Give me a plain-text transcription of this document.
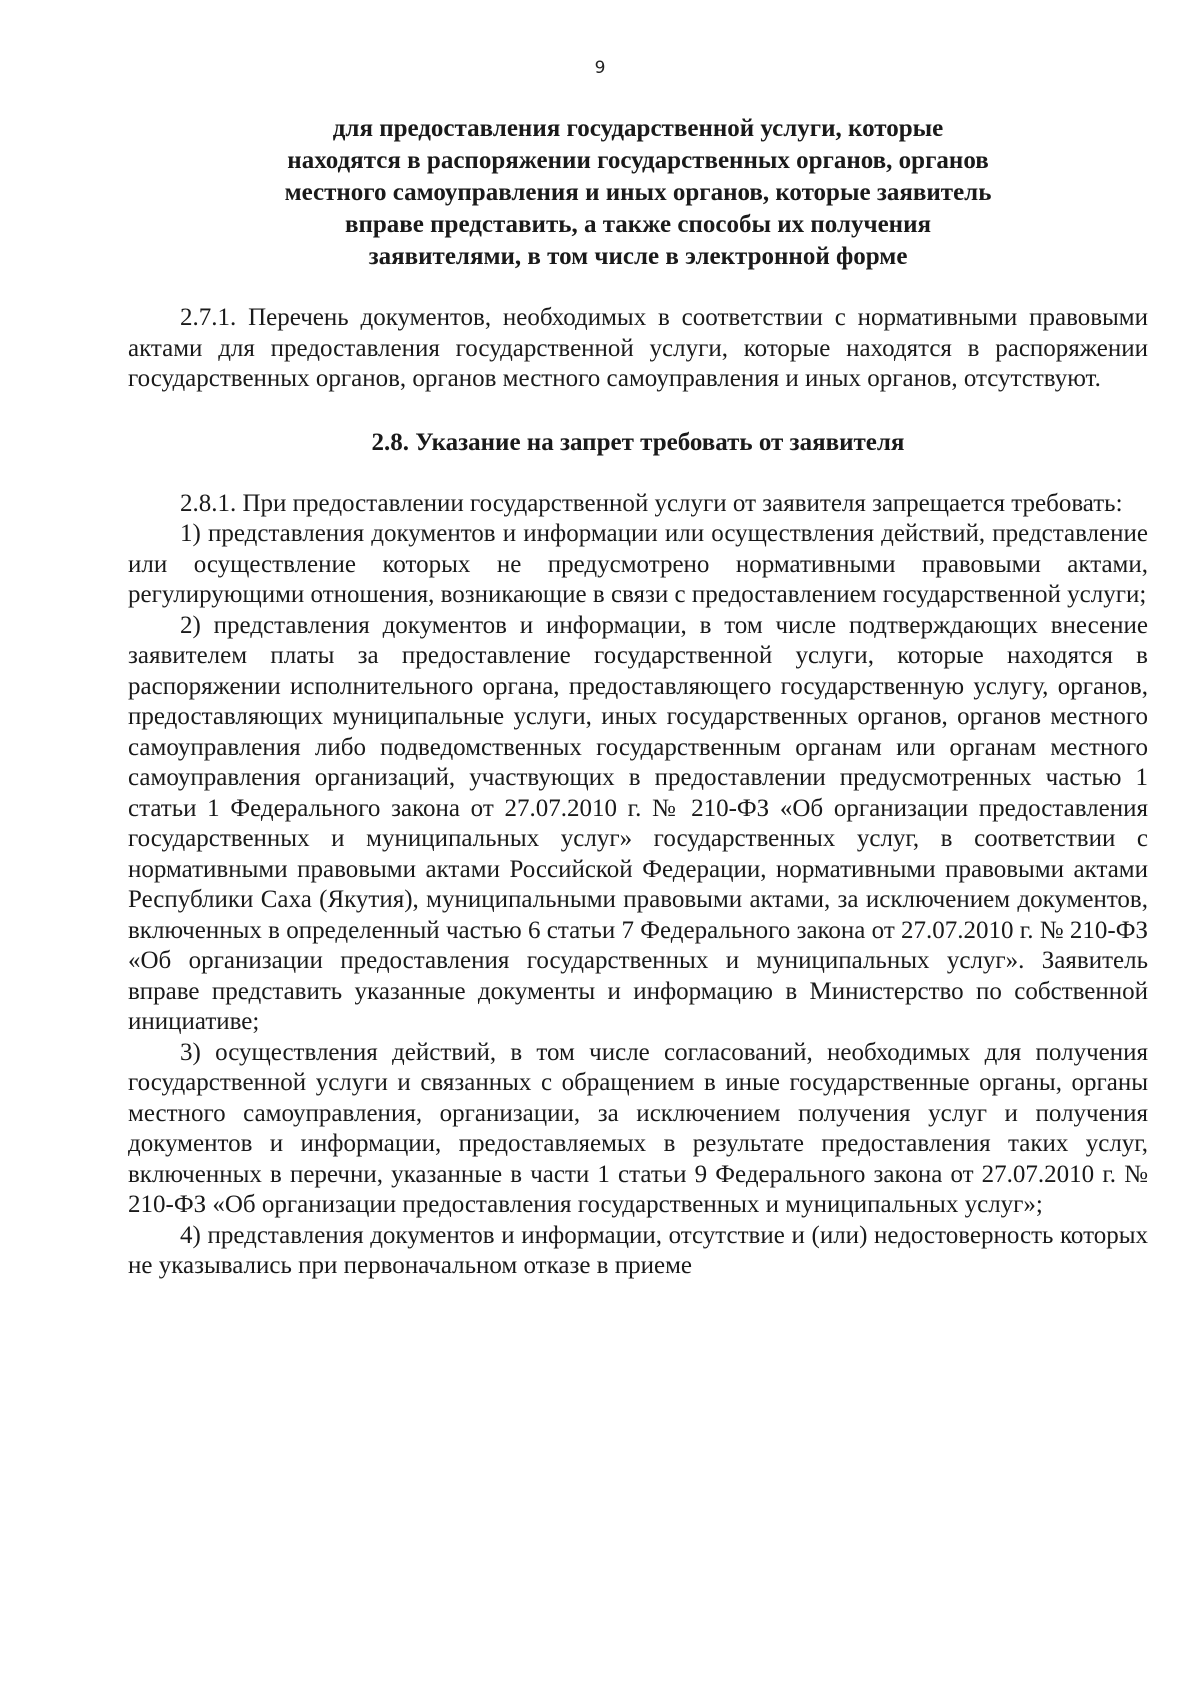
9
для предоставления государственной услуги, которые
находятся в распоряжении государственных органов, органов
местного самоуправления и иных органов, которые заявитель
вправе представить, а также способы их получения
заявителями, в том числе в электронной форме

2.7.1. Перечень документов, необходимых в соответствии с нормативными правовыми актами для предоставления государственной услуги, которые находятся в распоряжении государственных органов, органов местного самоуправления и иных органов, отсутствуют.

2.8. Указание на запрет требовать от заявителя

2.8.1. При предоставлении государственной услуги от заявителя запрещается требовать:

1) представления документов и информации или осуществления действий, представление или осуществление которых не предусмотрено нормативными правовыми актами, регулирующими отношения, возникающие в связи с предоставлением государственной услуги;

2) представления документов и информации, в том числе подтверждающих внесение заявителем платы за предоставление государственной услуги, которые находятся в распоряжении исполнительного органа, предоставляющего государственную услугу, органов, предоставляющих муниципальные услуги, иных государственных органов, органов местного самоуправления либо подведомственных государственным органам или органам местного самоуправления организаций, участвующих в предоставлении предусмотренных частью 1 статьи 1 Федерального закона от 27.07.2010 г. № 210-ФЗ «Об организации предоставления государственных и муниципальных услуг» государственных услуг, в соответствии с нормативными правовыми актами Российской Федерации, нормативными правовыми актами Республики Саха (Якутия), муниципальными правовыми актами, за исключением документов, включенных в определенный частью 6 статьи 7 Федерального закона от 27.07.2010 г. № 210-ФЗ «Об организации предоставления государственных и муниципальных услуг». Заявитель вправе представить указанные документы и информацию в Министерство по собственной инициативе;

3) осуществления действий, в том числе согласований, необходимых для получения государственной услуги и связанных с обращением в иные государственные органы, органы местного самоуправления, организации, за исключением получения услуг и получения документов и информации, предоставляемых в результате предоставления таких услуг, включенных в перечни, указанные в части 1 статьи 9 Федерального закона от 27.07.2010 г. № 210-ФЗ «Об организации предоставления государственных и муниципальных услуг»;

4) представления документов и информации, отсутствие и (или) недостоверность которых не указывались при первоначальном отказе в приеме
